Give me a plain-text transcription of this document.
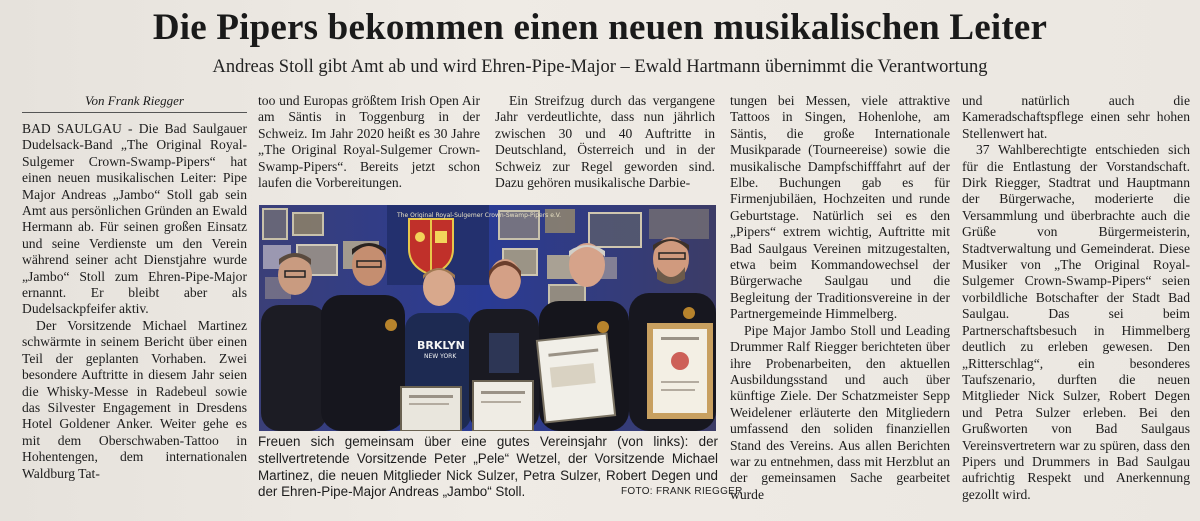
Die Pipers bekommen einen neuen musikalischen Leiter
Andreas Stoll gibt Amt ab und wird Ehren-Pipe-Major – Ewald Hartmann übernimmt die Verantwortung
Von Frank Riegger

BAD SAULGAU - Die Bad Saulgauer Dudelsack-Band „The Original Royal-Sulgemer Crown-Swamp-Pipers“ hat einen neuen musikalischen Leiter: Pipe Major Andreas „Jambo“ Stoll gab sein Amt aus persönlichen Gründen an Ewald Hermann ab. Für seinen großen Einsatz und seine Verdienste um den Verein während seiner acht Dienstjahre wurde „Jambo“ Stoll zum Ehren-Pipe-Major ernannt. Er bleibt aber als Dudelsackpfeifer aktiv.

Der Vorsitzende Michael Martinez schwärmte in seinem Bericht über einen Teil der geplanten Vorhaben. Zwei besondere Auftritte in diesem Jahr seien die Whisky-Messe in Radebeul sowie das Silvester Engagement in Dresdens Hotel Goldener Anker. Weiter gehe es mit dem Oberschwaben-Tattoo in Hohentengen, dem internationalen Waldburg Tat-

too und Europas größtem Irish Open Air am Säntis in Toggenburg in der Schweiz. Im Jahr 2020 heißt es 30 Jahre „The Original Royal-Sulgemer Crown-Swamp-Pipers“. Bereits jetzt schon laufen die Vorbereitungen.

Ein Streifzug durch das vergangene Jahr verdeutlichte, dass nun jährlich zwischen 30 und 40 Auftritte in Deutschland, Österreich und in der Schweiz zur Regel geworden sind. Dazu gehören musikalische Darbie-

tungen bei Messen, viele attraktive Tattoos in Singen, Hohenlohe, am Säntis, die große Internationale Musikparade (Tourneereise) sowie die musikalische Dampfschifffahrt auf der Elbe. Buchungen gab es für Firmenjubiläen, Hochzeiten und runde Geburtstage. Natürlich sei es den „Pipers“ extrem wichtig, Auftritte mit Bad Saulgaus Vereinen mitzugestalten, etwa beim Kommandowechsel der Bürgerwache Saulgau und die Begleitung der Traditionsvereine in der Partnergemeinde Himmelberg.

Pipe Major Jambo Stoll und Leading Drummer Ralf Riegger berichteten über ihre Probenarbeiten, den aktuellen Ausbildungsstand und auch über künftige Ziele. Der Schatzmeister Sepp Weidelener erläuterte den Mitgliedern umfassend den soliden finanziellen Stand des Vereins. Aus allen Berichten war zu entnehmen, dass mit Herzblut an der gemeinsamen Sache gearbeitet wurde

und natürlich auch die Kameradschaftspflege einen sehr hohen Stellenwert hat.

37 Wahlberechtigte entschieden sich für die Entlastung der Vorstandschaft. Dirk Riegger, Stadtrat und Hauptmann der Bürgerwache, moderierte die Versammlung und überbrachte auch die Grüße von Bürgermeisterin, Stadtverwaltung und Gemeinderat. Diese Musiker von „The Original Royal-Sulgemer Crown-Swamp-Pipers“ seien vorbildliche Botschafter der Stadt Bad Saulgau. Das sei beim Partnerschaftsbesuch in Himmelberg deutlich zu erleben gewesen. Den „Ritterschlag“, ein besonderes Taufszenario, durften die neuen Mitglieder Nick Sulzer, Robert Degen und Petra Sulzer erleben. Bei den Grußworten von Bad Saulgaus Vereinsvertretern war zu spüren, dass den Pipers und Drummers in Bad Saulgau aufrichtig Respekt und Anerkennung gezollt wird.

The Original Royal-Sulgemer Crown-Swamp-Pipers e.V.
BRKLYN
NEW YORK
Freuen sich gemeinsam über eine gutes Vereinsjahr (von links): der stellvertretende Vorsitzende Peter „Pele“ Wetzel, der Vorsitzende Michael Martinez, die neuen Mitglieder Nick Sulzer, Petra Sulzer, Robert Degen und der Ehren-Pipe-Major Andreas „Jambo“ Stoll.	FOTO: FRANK RIEGGER
